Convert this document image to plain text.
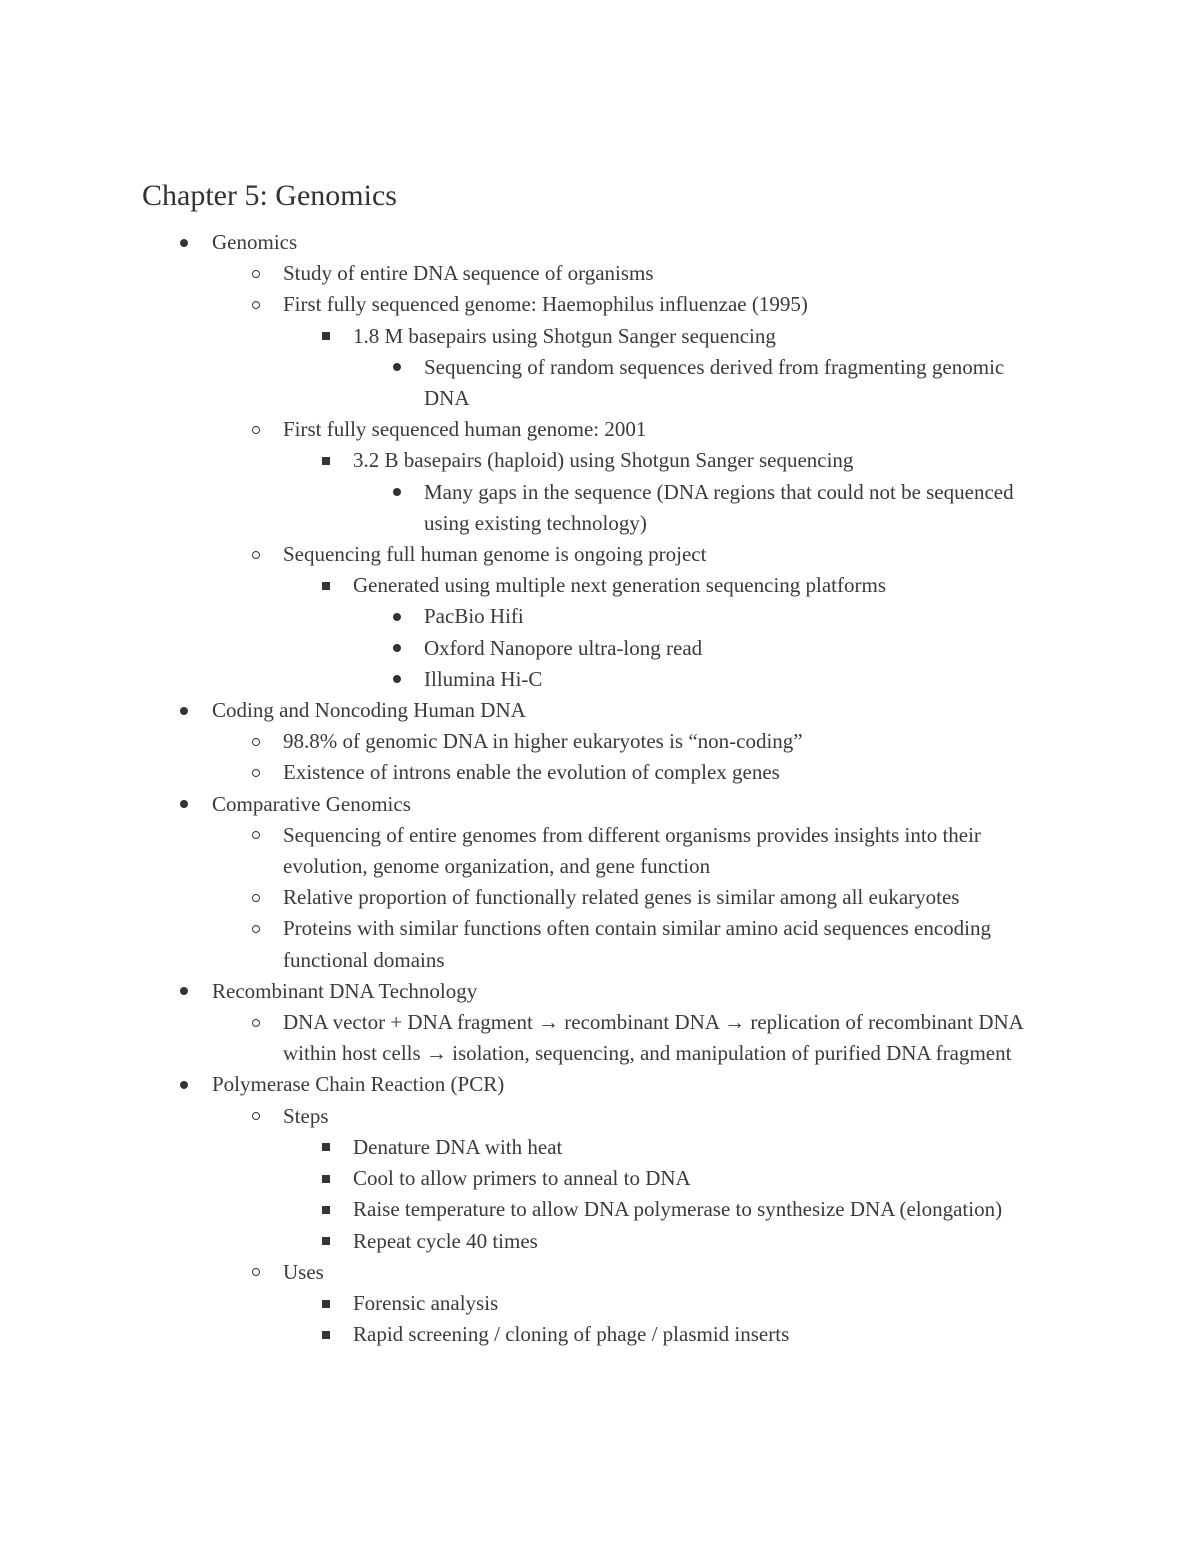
Chapter 5: Genomics
Genomics
Study of entire DNA sequence of organisms
First fully sequenced genome: Haemophilus influenzae (1995)
1.8 M basepairs using Shotgun Sanger sequencing
Sequencing of random sequences derived from fragmenting genomic DNA
First fully sequenced human genome: 2001
3.2 B basepairs (haploid) using Shotgun Sanger sequencing
Many gaps in the sequence (DNA regions that could not be sequenced using existing technology)
Sequencing full human genome is ongoing project
Generated using multiple next generation sequencing platforms
PacBio Hifi
Oxford Nanopore ultra-long read
Illumina Hi-C
Coding and Noncoding Human DNA
98.8% of genomic DNA in higher eukaryotes is “non-coding”
Existence of introns enable the evolution of complex genes
Comparative Genomics
Sequencing of entire genomes from different organisms provides insights into their evolution, genome organization, and gene function
Relative proportion of functionally related genes is similar among all eukaryotes
Proteins with similar functions often contain similar amino acid sequences encoding functional domains
Recombinant DNA Technology
DNA vector + DNA fragment → recombinant DNA → replication of recombinant DNA within host cells → isolation, sequencing, and manipulation of purified DNA fragment
Polymerase Chain Reaction (PCR)
Steps
Denature DNA with heat
Cool to allow primers to anneal to DNA
Raise temperature to allow DNA polymerase to synthesize DNA (elongation)
Repeat cycle 40 times
Uses
Forensic analysis
Rapid screening / cloning of phage / plasmid inserts
